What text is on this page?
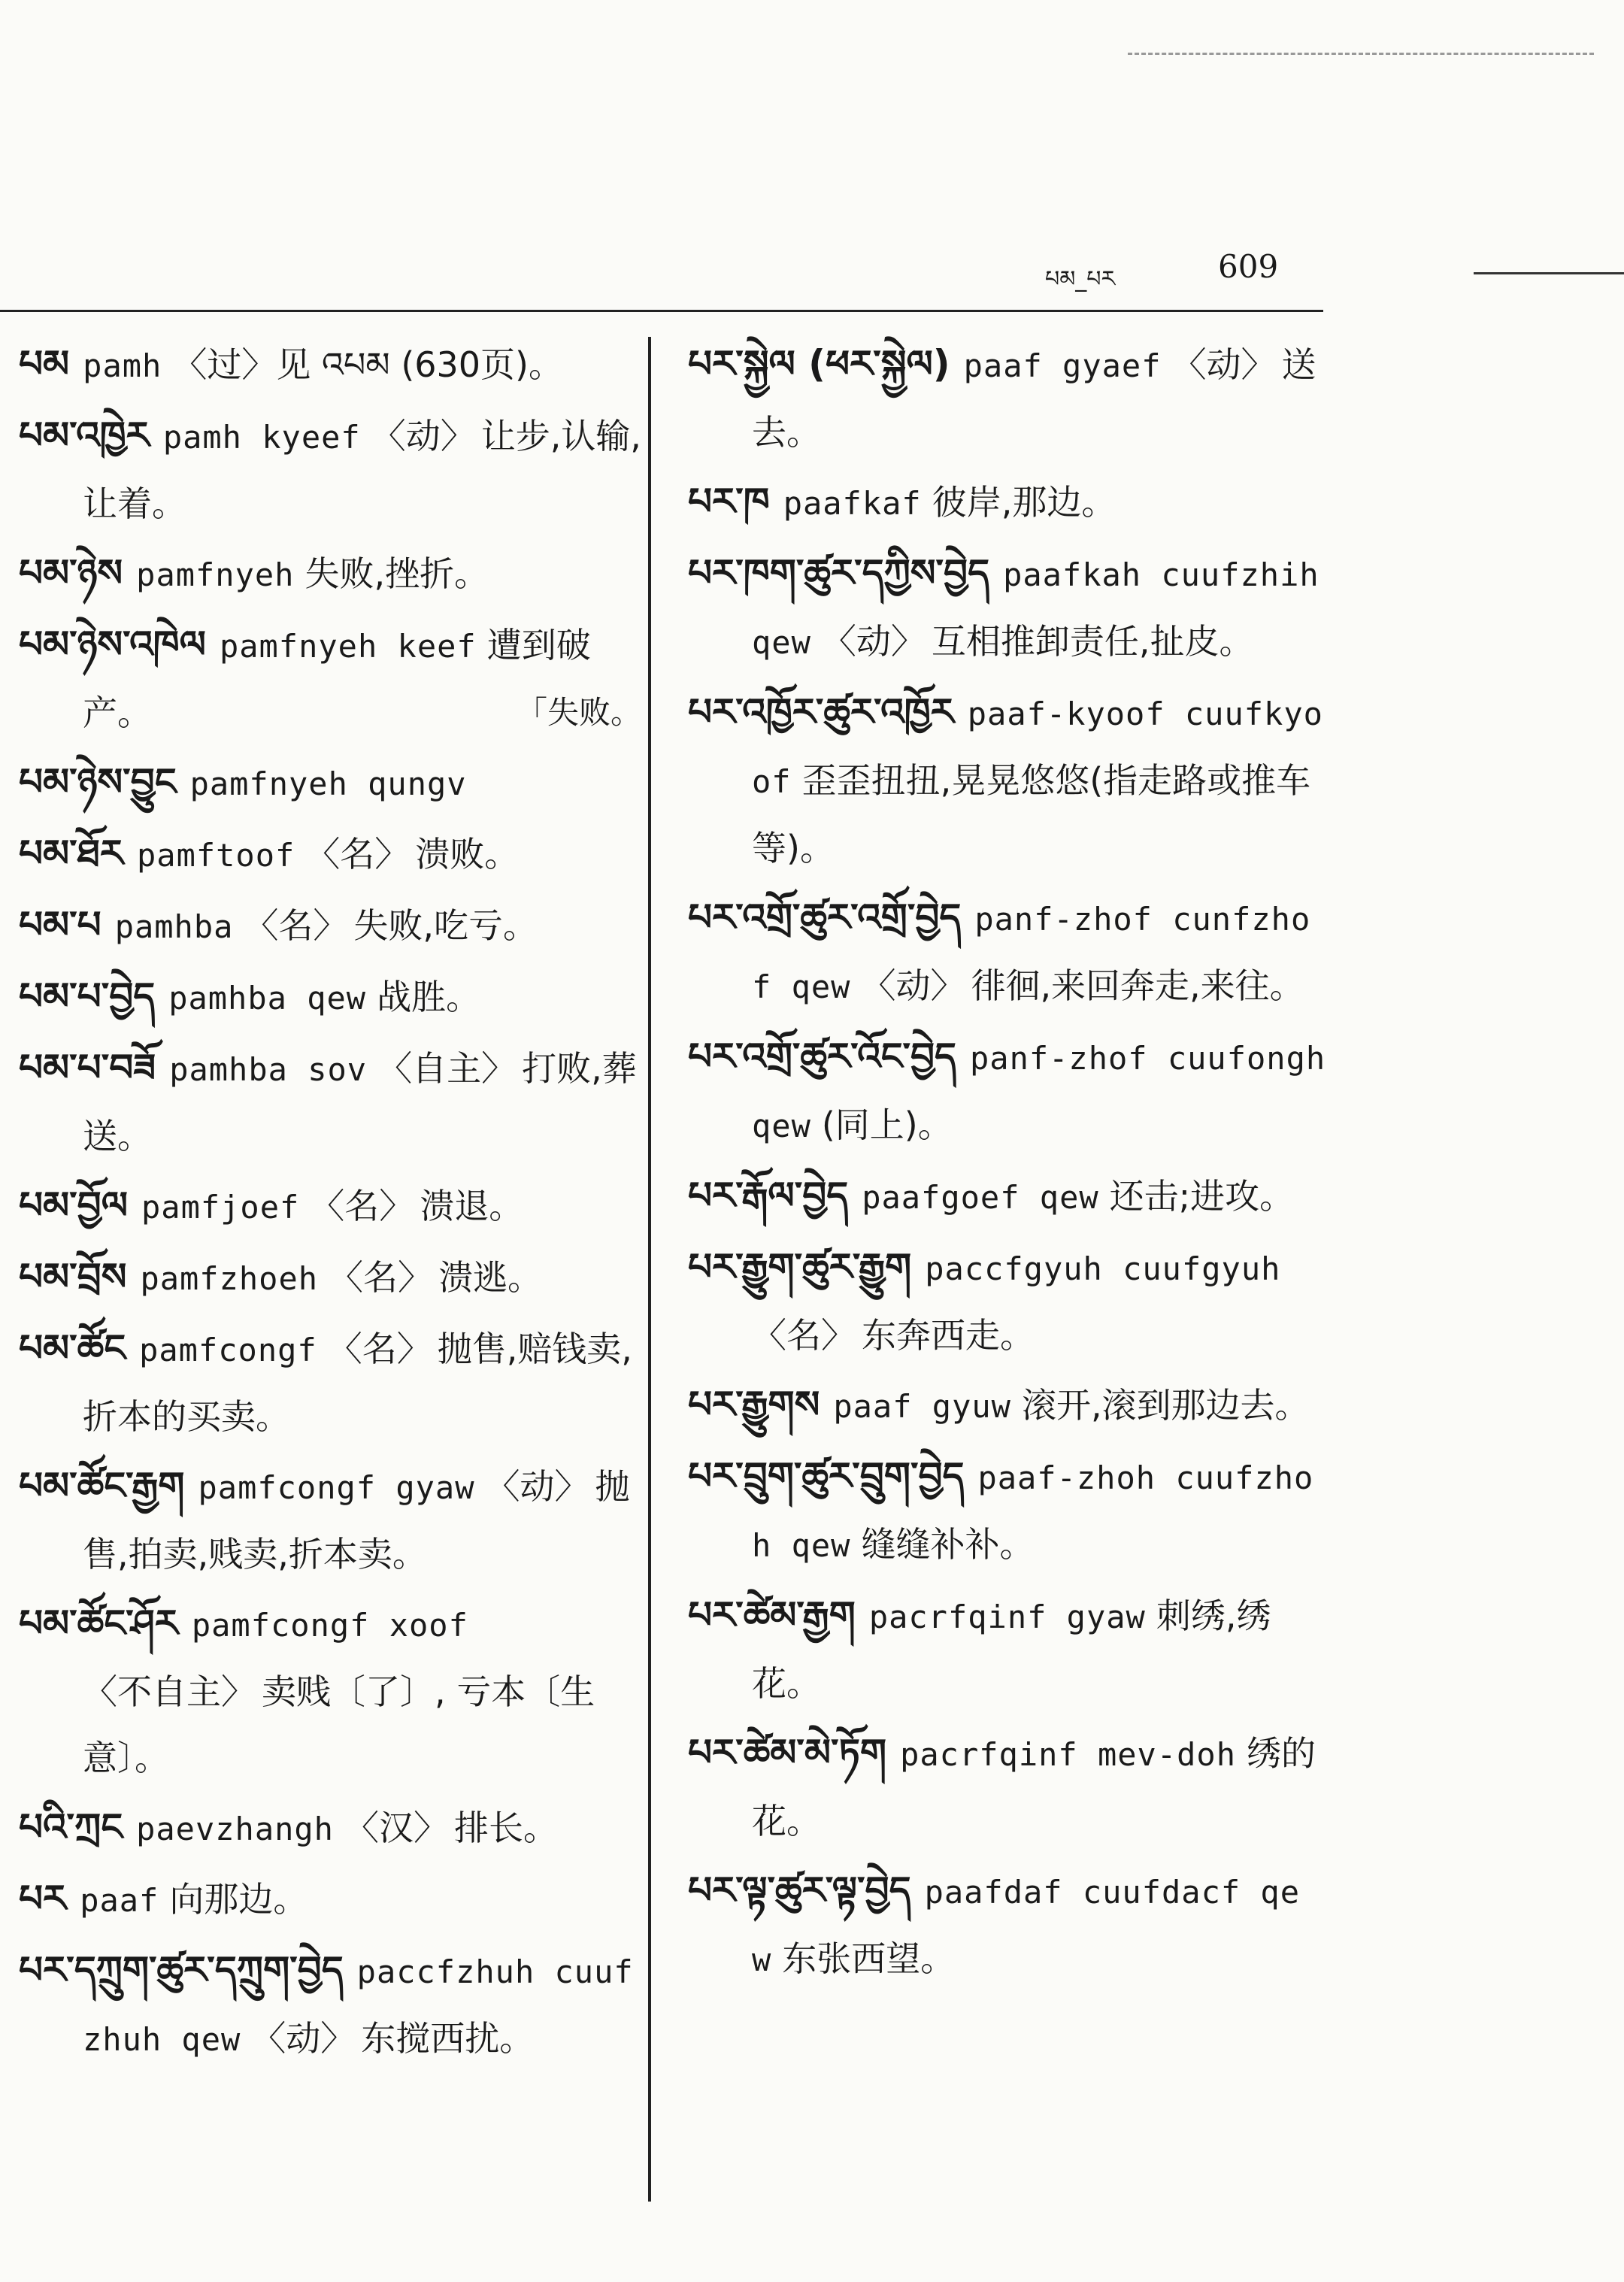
པམ_པར	609

པམ pamh 〈过〉见 འཔམ (630页)。

པམ་འཁྱེར pamh kyeef 〈动〉 让步,认输,让着。

པམ་ཉེས pamfnyeh 失败,挫折。

པམ་ཉེས་འཁེལ pamfnyeh keef 遭到破产。	「失败。

པམ་ཉེས་བྱུང pamfnyeh qungv

པམ་ཐོར pamftoof 〈名〉 溃败。

པམ་པ pamhba 〈名〉 失败,吃亏。

པམ་པ་བྱེད pamhba qew 战胜。

པམ་པ་བཟོ pamhba sov 〈自主〉 打败,葬送。

པམ་བྱོལ pamfjoef 〈名〉 溃退。

པམ་བྲོས pamfzhoeh 〈名〉 溃逃。

པམ་ཚོང pamfcongf 〈名〉 抛售,赔钱卖,折本的买卖。

པམ་ཚོང་རྒྱག pamfcongf gyaw 〈动〉 抛售,拍卖,贱卖,折本卖。

པམ་ཚོང་ཤོར pamfcongf xoof〈不自主〉 卖贱〔了〕, 亏本〔生意〕。

པའི་ཀྲང paevzhangh 〈汉〉 排长。

པར paaf 向那边。

པར་དཀྲུག་ཚུར་དཀྲུག་བྱེད paccfzhuh cuufzhuh qew 〈动〉 东搅西扰。

པར་སྐྱེལ (ཕར་སྐྱེལ) paaf gyaef 〈动〉 送去。

པར་ཁ paafkaf 彼岸,那边。

པར་ཁག་ཚུར་དཀྱིས་བྱེད paafkah cuufzhih qew 〈动〉 互相推卸责任,扯皮。

པར་འཁྱོར་ཚུར་འཁྱོར paaf-kyoof cuufkyoof 歪歪扭扭,晃晃悠悠(指走路或推车等)。

པར་འགྲོ་ཚུར་འགྲོ་བྱེད panf-zhof cunfzhof qew 〈动〉 徘徊,来回奔走,来往。

པར་འགྲོ་ཚུར་འོང་བྱེད panf-zhof cuufongh qew (同上)。

པར་རྒོལ་བྱེད paafgoef qew 还击;进攻。

པར་རྒྱུག་ཚུར་རྒྱུག paccfgyuh cuufgyuh〈名〉 东奔西走。

པར་རྒྱུགས paaf gyuw 滚开,滚到那边去。

པར་བྲུག་ཚུར་བྲུག་བྱེད paaf-zhoh cuufzhoh qew 缝缝补补。

པར་ཚེམ་རྒྱག pacrfqinf gyaw 刺绣,绣花。

པར་ཚེམ་མེ་ཏོག pacrfqinf mev-doh 绣的花。

པར་ལྟ་ཚུར་ལྟ་བྱེད paafdaf cuufdacf qew 东张西望。
